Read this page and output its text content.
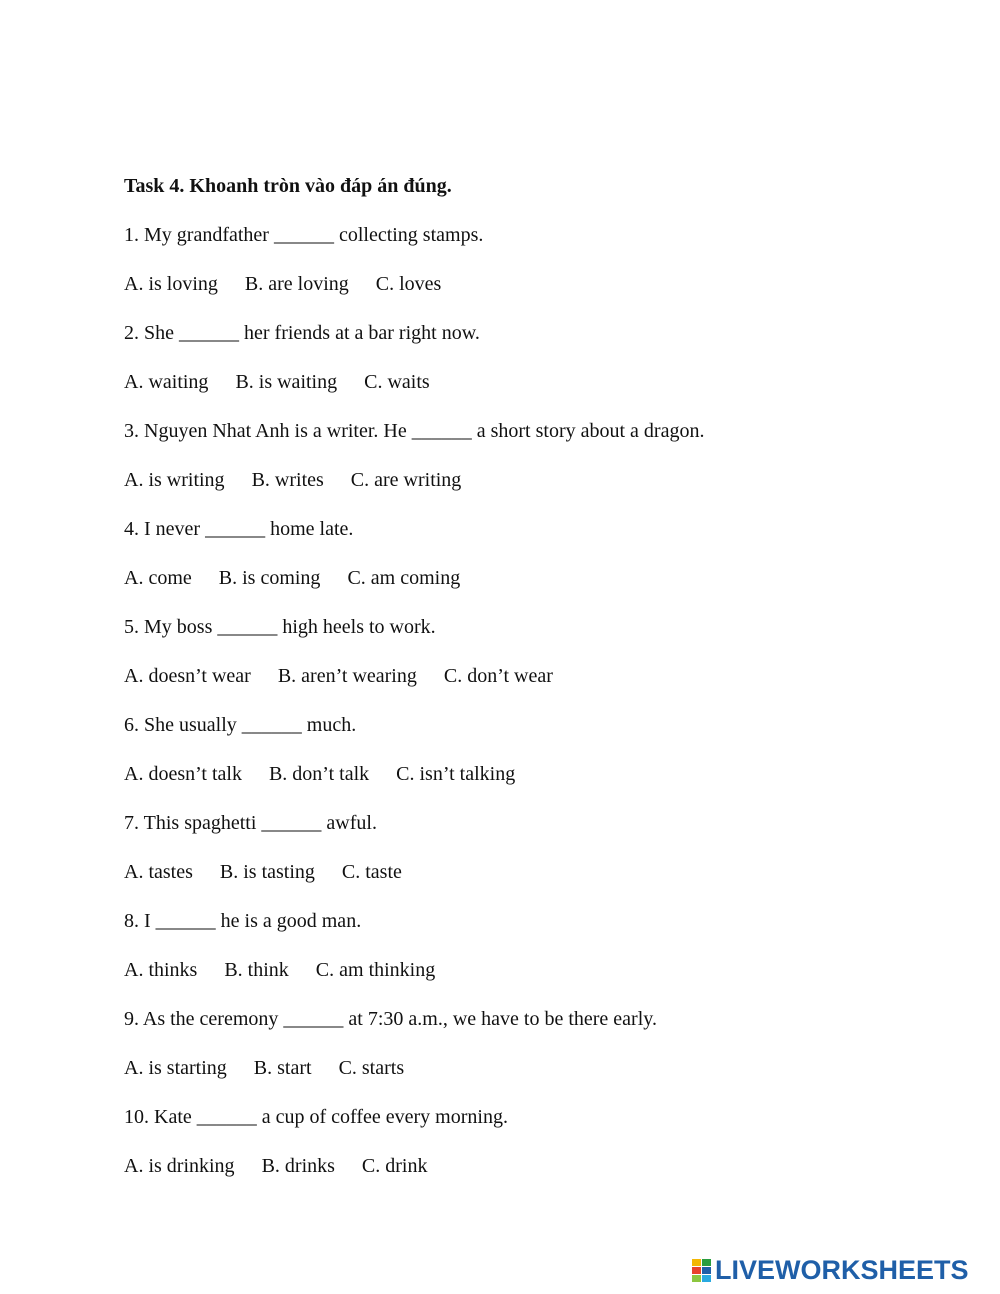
Task 4. Khoanh tròn vào đáp án đúng.
1. My grandfather ______ collecting stamps.
A. is loving B. are loving C. loves
2. She ______ her friends at a bar right now.
A. waiting B. is waiting C. waits
3. Nguyen Nhat Anh is a writer. He ______ a short story about a dragon.
A. is writing B. writes C. are writing
4. I never ______ home late.
A. come B. is coming C. am coming
5. My boss ______ high heels to work.
A. doesn’t wear B. aren’t wearing C. don’t wear
6. She usually ______ much.
A. doesn’t talk B. don’t talk C. isn’t talking
7. This spaghetti ______ awful.
A. tastes B. is tasting C. taste
8. I ______ he is a good man.
A. thinks B. think C. am thinking
9. As the ceremony ______ at 7:30 a.m., we have to be there early.
A. is starting B. start C. starts
10. Kate ______ a cup of coffee every morning.
A. is drinking B. drinks C. drink
LIVEWORKSHEETS
